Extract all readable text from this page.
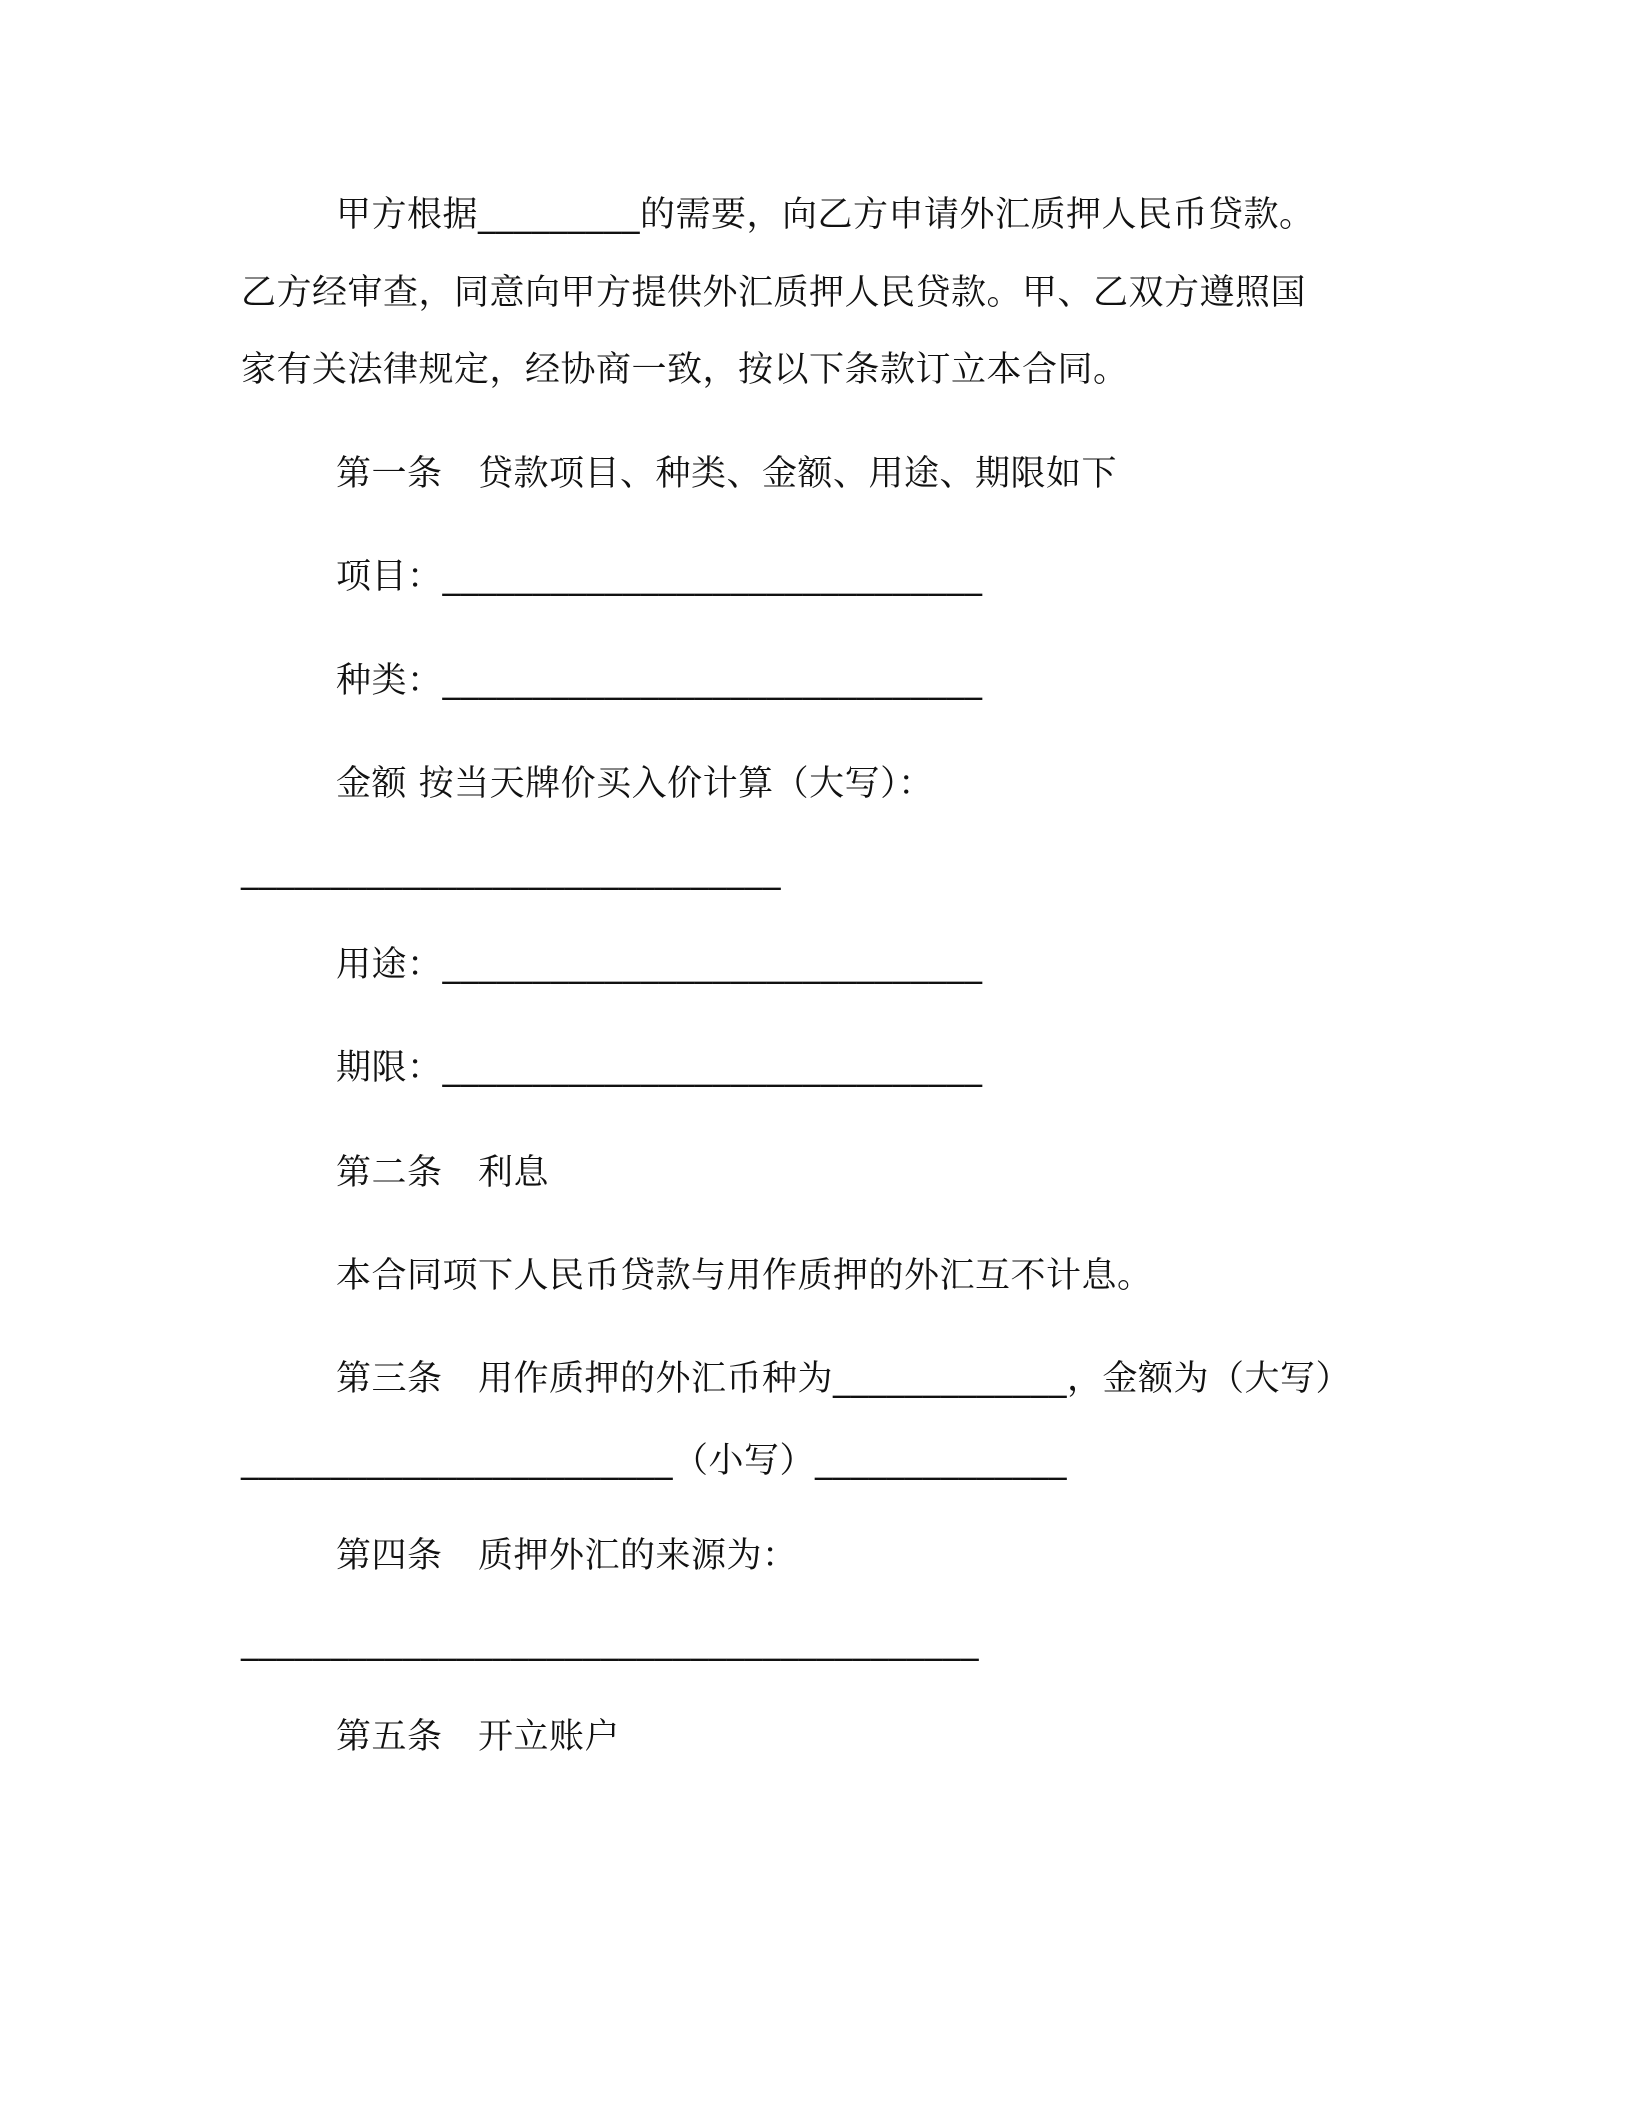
甲方根据_________的需要，向乙方申请外汇质押人民币贷款。
乙方经审查，同意向甲方提供外汇质押人民贷款。甲、乙双方遵照国
家有关法律规定，经协商一致，按以下条款订立本合同。
第一条　贷款项目、种类、金额、用途、期限如下
项目：______________________________
种类：______________________________
金额 按当天牌价买入价计算（大写）：
______________________________
用途：______________________________
期限：______________________________
第二条　利息
本合同项下人民币贷款与用作质押的外汇互不计息。
第三条　用作质押的外汇币种为_____________，金额为（大写）
________________________（小写）______________
第四条　质押外汇的来源为：
_________________________________________
第五条　开立账户
